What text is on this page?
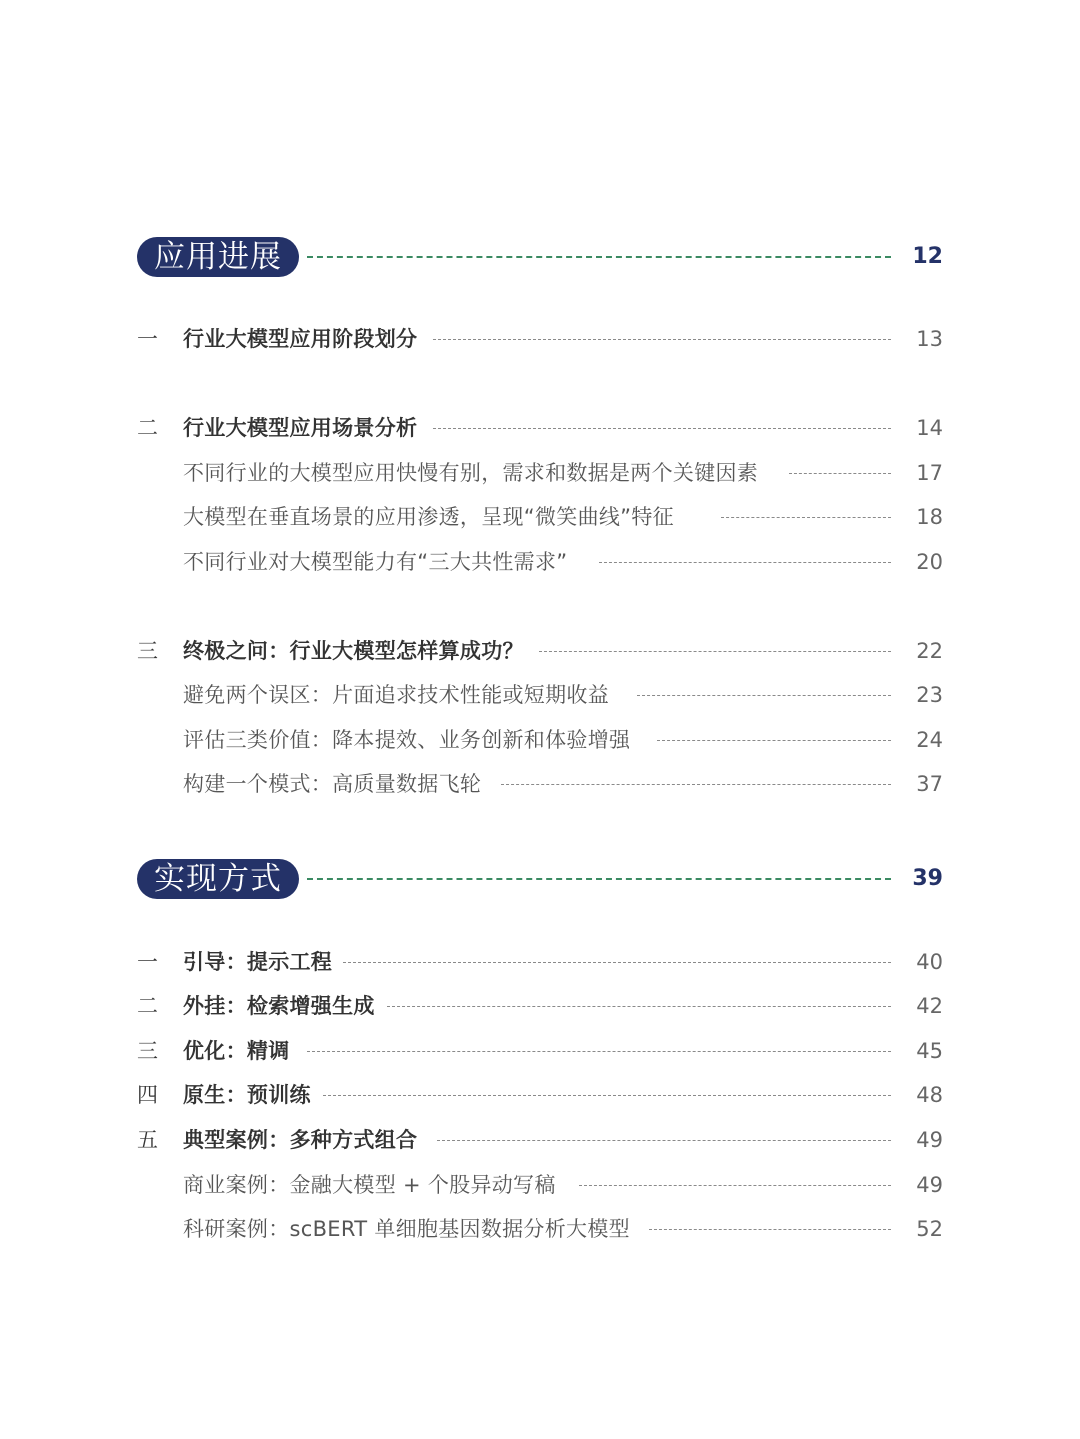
应用进展	12
一 行业大模型应用阶段划分	13
二 行业大模型应用场景分析	14
不同行业的大模型应用快慢有别，需求和数据是两个关键因素	17
大模型在垂直场景的应用渗透，呈现“微笑曲线”特征	18
不同行业对大模型能力有“三大共性需求”	20
三 终极之问：行业大模型怎样算成功？	22
避免两个误区：片面追求技术性能或短期收益	23
评估三类价值：降本提效、业务创新和体验增强	24
构建一个模式：高质量数据飞轮	37
实现方式	39
一 引导：提示工程	40
二 外挂：检索增强生成	42
三 优化：精调	45
四 原生：预训练	48
五 典型案例：多种方式组合	49
商业案例：金融大模型 + 个股异动写稿	49
科研案例：scBERT 单细胞基因数据分析大模型	52
